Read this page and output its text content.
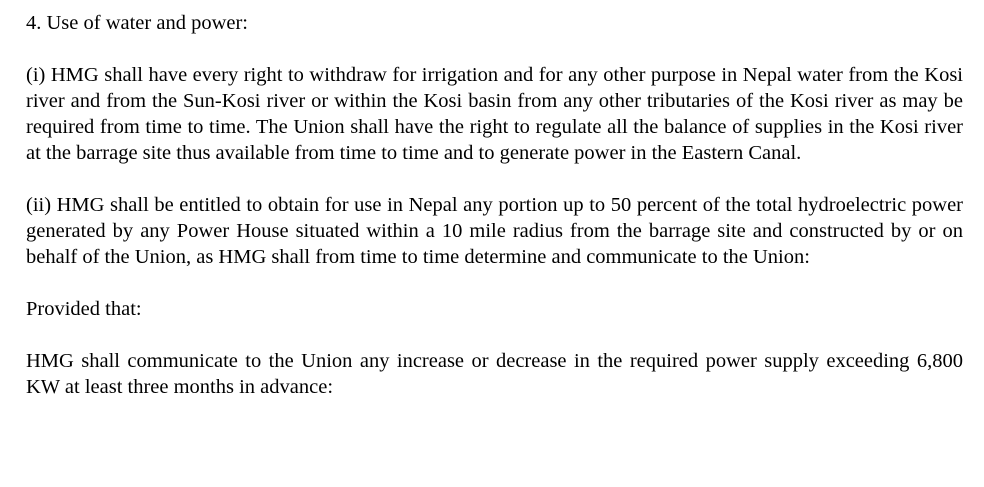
4. Use of water and power:

(i) HMG shall have every right to withdraw for irrigation and for any other purpose in Nepal water from the Kosi river and from the Sun-Kosi river or within the Kosi basin from any other tributaries of the Kosi river as may be required from time to time. The Union shall have the right to regulate all the balance of supplies in the Kosi river at the barrage site thus available from time to time and to generate power in the Eastern Canal.

(ii) HMG shall be entitled to obtain for use in Nepal any portion up to 50 percent of the total hydroelectric power generated by any Power House situated within a 10 mile radius from the barrage site and constructed by or on behalf of the Union, as HMG shall from time to time determine and communicate to the Union:

Provided that:

HMG shall communicate to the Union any increase or decrease in the required power supply exceeding 6,800 KW at least three months in advance:
